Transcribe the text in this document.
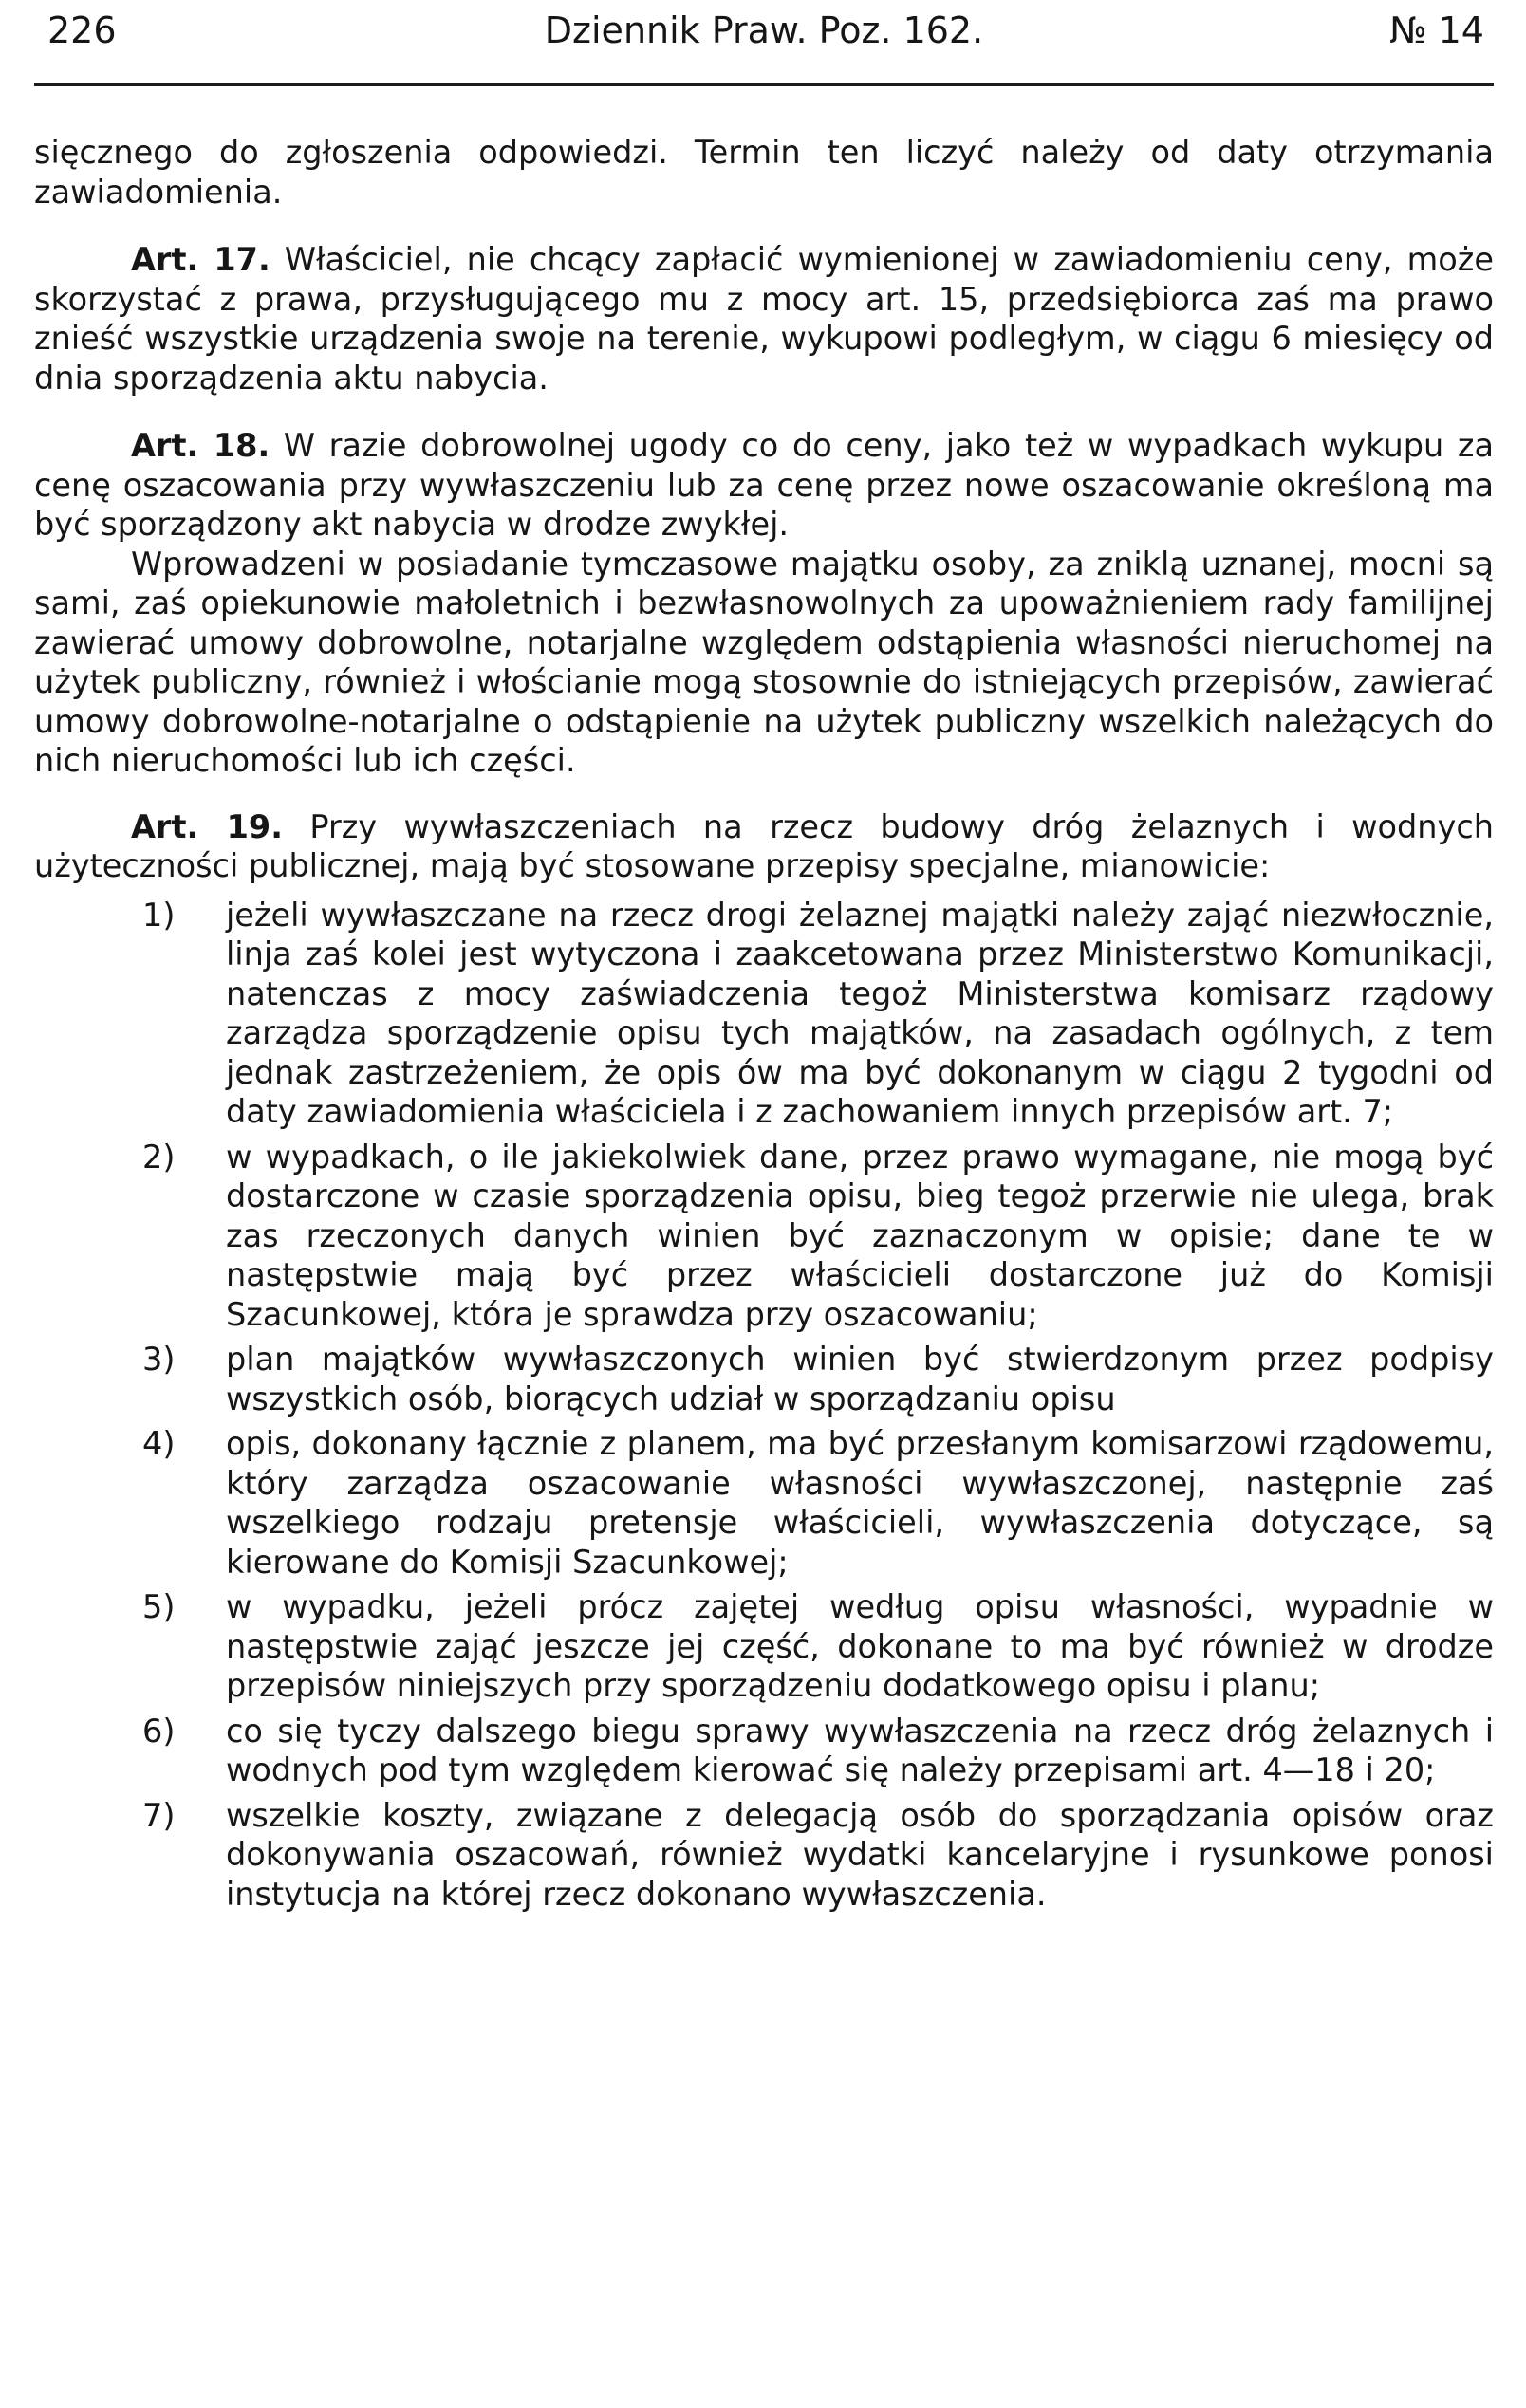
226	Dziennik Praw. Poz. 162.	№ 14

sięcznego do zgłoszenia odpowiedzi. Termin ten liczyć należy od daty otrzymania zawiadomienia.

Art. 17. Właściciel, nie chcący zapłacić wymienionej w zawiadomieniu ceny, może skorzystać z prawa, przysługującego mu z mocy art. 15, przedsiębiorca zaś ma prawo znieść wszystkie urządzenia swoje na terenie, wykupowi podległym, w ciągu 6 miesięcy od dnia sporządzenia aktu nabycia.

Art. 18. W razie dobrowolnej ugody co do ceny, jako też w wypadkach wykupu za cenę oszacowania przy wywłaszczeniu lub za cenę przez nowe oszacowanie określoną ma być sporządzony akt nabycia w drodze zwykłej.

Wprowadzeni w posiadanie tymczasowe majątku osoby, za zniklą uznanej, mocni są sami, zaś opiekunowie małoletnich i bezwłasnowolnych za upoważnieniem rady familijnej zawierać umowy dobrowolne, notarjalne względem odstąpienia własności nieruchomej na użytek publiczny, również i włościanie mogą stosownie do istniejących przepisów, zawierać umowy dobrowolne-notarjalne o odstąpienie na użytek publiczny wszelkich należących do nich nieruchomości lub ich części.

Art. 19. Przy wywłaszczeniach na rzecz budowy dróg żelaznych i wodnych użyteczności publicznej, mają być stosowane przepisy specjalne, mianowicie:

1)	jeżeli wywłaszczane na rzecz drogi żelaznej majątki należy zająć niezwłocznie, linja zaś kolei jest wytyczona i zaakcetowana przez Ministerstwo Komunikacji, natenczas z mocy zaświadczenia tegoż Ministerstwa komisarz rządowy zarządza sporządzenie opisu tych majątków, na zasadach ogólnych, z tem jednak zastrzeżeniem, że opis ów ma być dokonanym w ciągu 2 tygodni od daty zawiadomienia właściciela i z zachowaniem innych przepisów art. 7;
2)	w wypadkach, o ile jakiekolwiek dane, przez prawo wymagane, nie mogą być dostarczone w czasie sporządzenia opisu, bieg tegoż przerwie nie ulega, brak zas rzeczonych danych winien być zaznaczonym w opisie; dane te w następstwie mają być przez właścicieli dostarczone już do Komisji Szacunkowej, która je sprawdza przy oszacowaniu;
3)	plan majątków wywłaszczonych winien być stwierdzonym przez podpisy wszystkich osób, biorących udział w sporządzaniu opisu
4)	opis, dokonany łącznie z planem, ma być przesłanym komisarzowi rządowemu, który zarządza oszacowanie własności wywłaszczonej, następnie zaś wszelkiego rodzaju pretensje właścicieli, wywłaszczenia dotyczące, są kierowane do Komisji Szacunkowej;
5)	w wypadku, jeżeli prócz zajętej według opisu własności, wypadnie w następstwie zająć jeszcze jej część, dokonane to ma być również w drodze przepisów niniejszych przy sporządzeniu dodatkowego opisu i planu;
6)	co się tyczy dalszego biegu sprawy wywłaszczenia na rzecz dróg żelaznych i wodnych pod tym względem kierować się należy przepisami art. 4—18 i 20;
7)	wszelkie koszty, związane z delegacją osób do sporządzania opisów oraz dokonywania oszacowań, również wydatki kancelaryjne i rysunkowe ponosi instytucja na której rzecz dokonano wywłaszczenia.
